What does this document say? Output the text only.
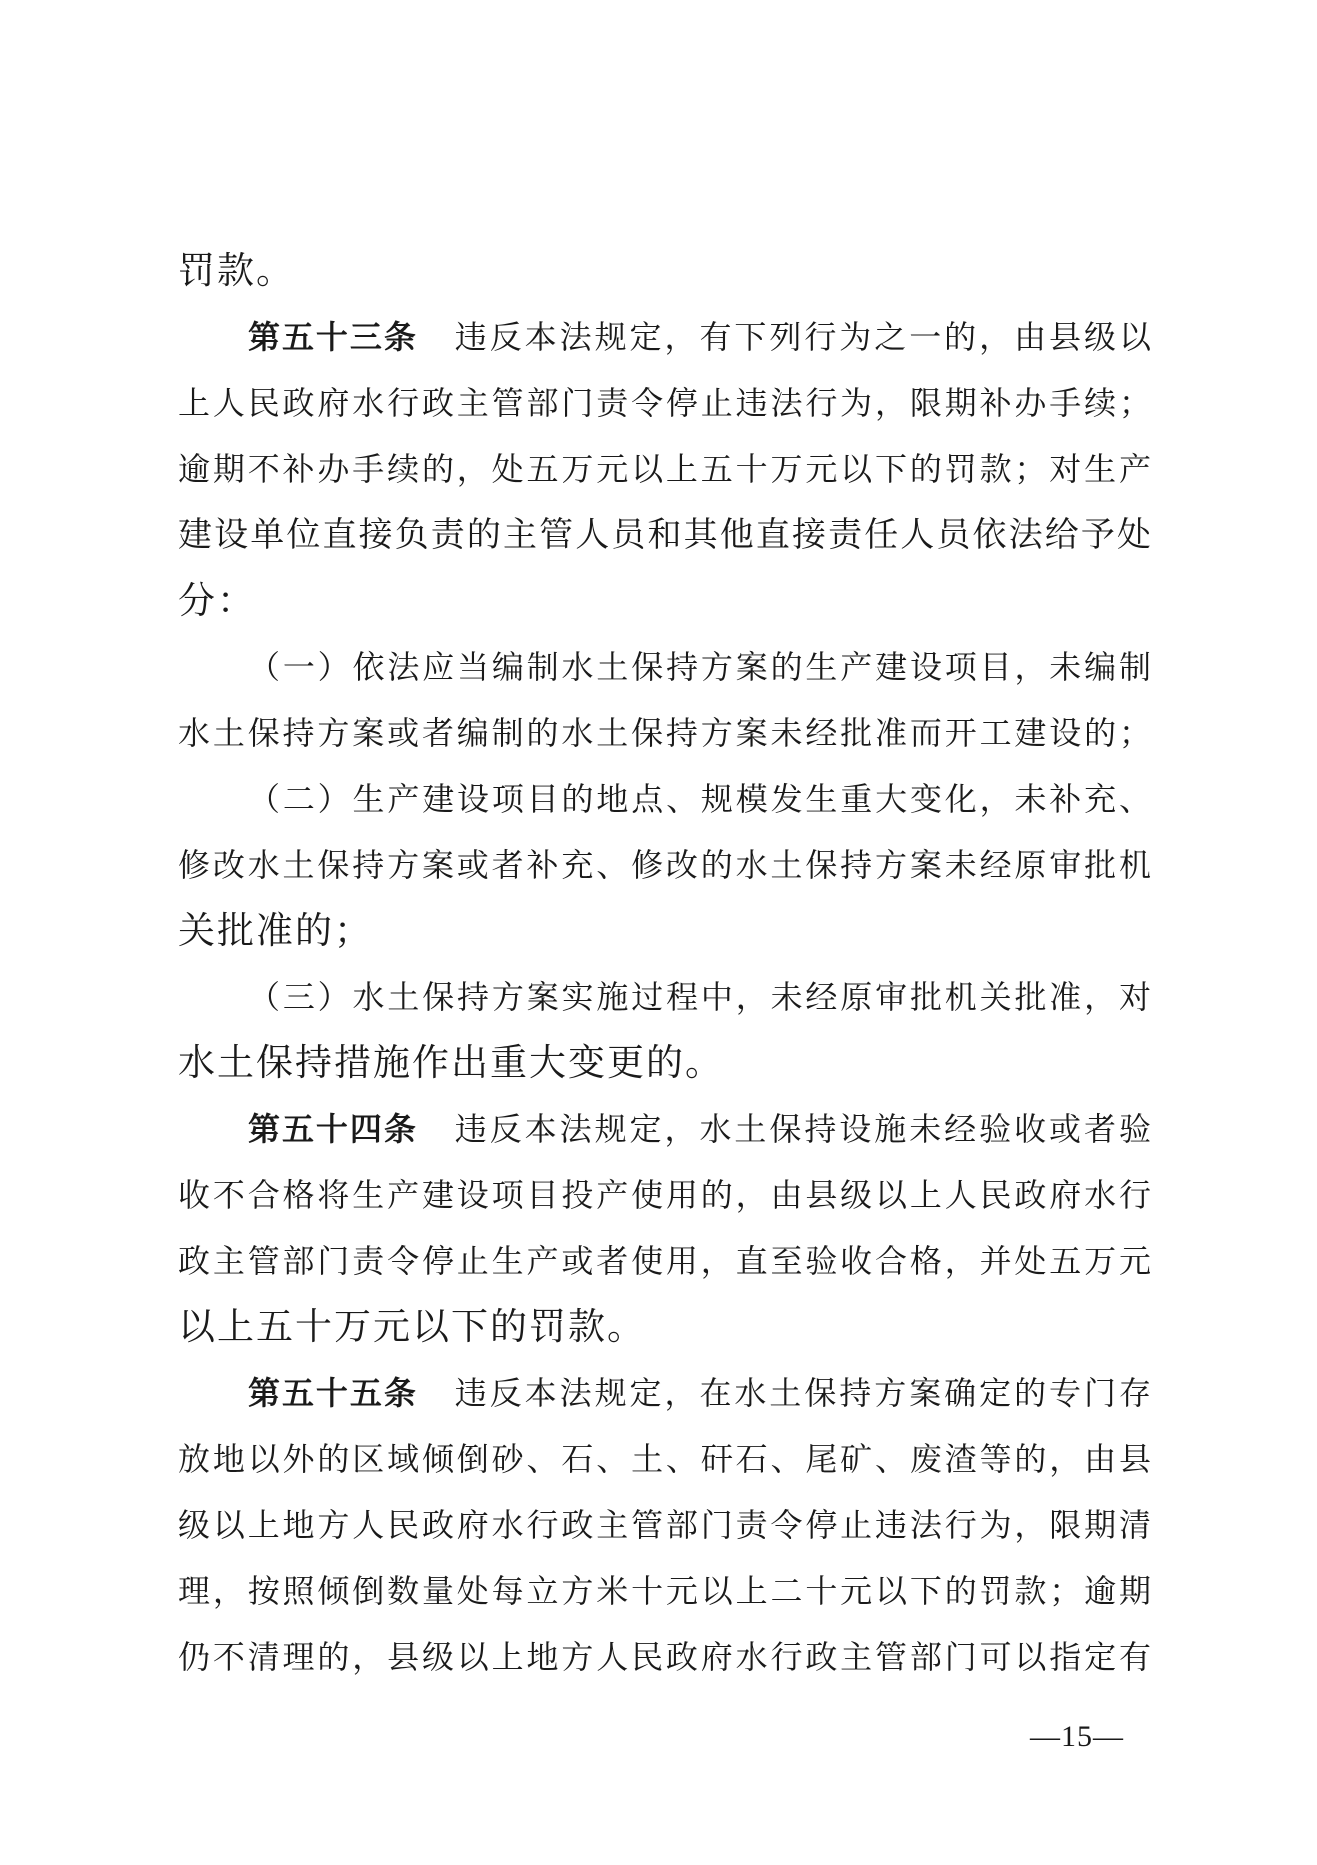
罚款。
第五十三条 违反本法规定，有下列行为之一的，由县级以
上人民政府水行政主管部门责令停止违法行为，限期补办手续；
逾期不补办手续的，处五万元以上五十万元以下的罚款；对生产
建设单位直接负责的主管人员和其他直接责任人员依法给予处
分：
（一）依法应当编制水土保持方案的生产建设项目，未编制
水土保持方案或者编制的水土保持方案未经批准而开工建设的；
（二）生产建设项目的地点、规模发生重大变化，未补充、
修改水土保持方案或者补充、修改的水土保持方案未经原审批机
关批准的；
（三）水土保持方案实施过程中，未经原审批机关批准，对
水土保持措施作出重大变更的。
第五十四条 违反本法规定，水土保持设施未经验收或者验
收不合格将生产建设项目投产使用的，由县级以上人民政府水行
政主管部门责令停止生产或者使用，直至验收合格，并处五万元
以上五十万元以下的罚款。
第五十五条 违反本法规定，在水土保持方案确定的专门存
放地以外的区域倾倒砂、石、土、矸石、尾矿、废渣等的，由县
级以上地方人民政府水行政主管部门责令停止违法行为，限期清
理，按照倾倒数量处每立方米十元以上二十元以下的罚款；逾期
仍不清理的，县级以上地方人民政府水行政主管部门可以指定有
—15—
